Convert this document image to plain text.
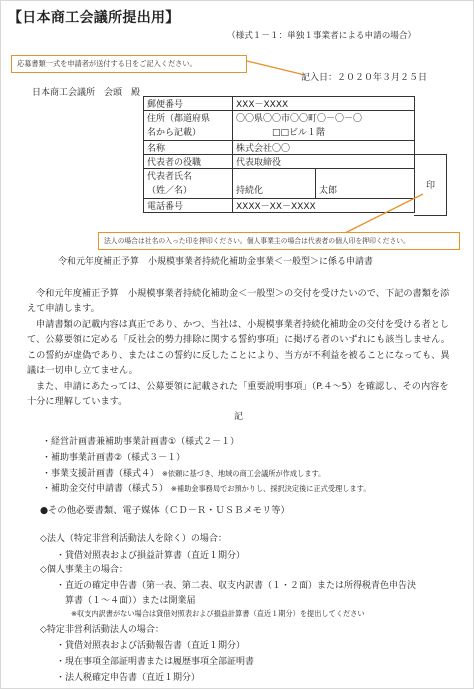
【日本商工会議所提出用】
（様式１－１：単独１事業者による申請の場合）
応募書類一式を申請者が送付する日をご記入ください。
記入日：２０２０年３月２５日
日本商工会議所　会頭　殿
郵便番号	XXX－XXXX	
住所（都道府県
名から記載）	〇〇県〇〇市〇〇町〇－〇－〇
□□ビル１階	
名称	株式会社〇〇	
代表者の役職	代表取締役	
代表者氏名
（姓／名）	持続化	太郎
電話番号	XXXX－XX－XXXX	
印
法人の場合は社名の入った印を押印ください。個人事業主の場合は代表者の個人印を押印ください。
令和元年度補正予算　小規模事業者持続化補助金事業＜一般型＞に係る申請書
令和元年度補正予算　小規模事業者持続化補助金＜一般型＞の交付を受けたいので、下記の書類を添えて申請します。
申請書類の記載内容は真正であり、かつ、当社は、小規模事業者持続化補助金の交付を受ける者として、公募要領に定める「反社会的勢力排除に関する誓約事項」に掲げる者のいずれにも該当しません。この誓約が虚偽であり、またはこの誓約に反したことにより、当方が不利益を被ることになっても、異議は一切申し立てません。
また、申請にあたっては、公募要領に記載された「重要説明事項」（P.４～5）を確認し、その内容を十分に理解しています。
記
・経営計画書兼補助事業計画書①（様式２－１）
・補助事業計画書②（様式３－１）
・事業支援計画書（様式４） ※依頼に基づき、地域の商工会議所が作成します。
・補助金交付申請書（様式５） ※補助金事務局でお預かりし、採択決定後に正式受理します。
●その他必要書類、電子媒体（ＣＤ－Ｒ・ＵＳＢメモリ等）
◇法人（特定非営利活動法人を除く）の場合：
・貸借対照表および損益計算書（直近１期分）
◇個人事業主の場合：
・直近の確定申告書（第一表、第二表、収支内訳書（１・２面）または所得税青色申告決
算書（１～４面））または開業届
※収支内訳書がない場合は貸借対照表および損益計算書（直近１期分）を提出してください
◇特定非営利活動法人の場合：
・貸借対照表および活動報告書（直近１期分）
・現在事項全部証明書または履歴事項全部証明書
・法人税確定申告書（直近１期分）
